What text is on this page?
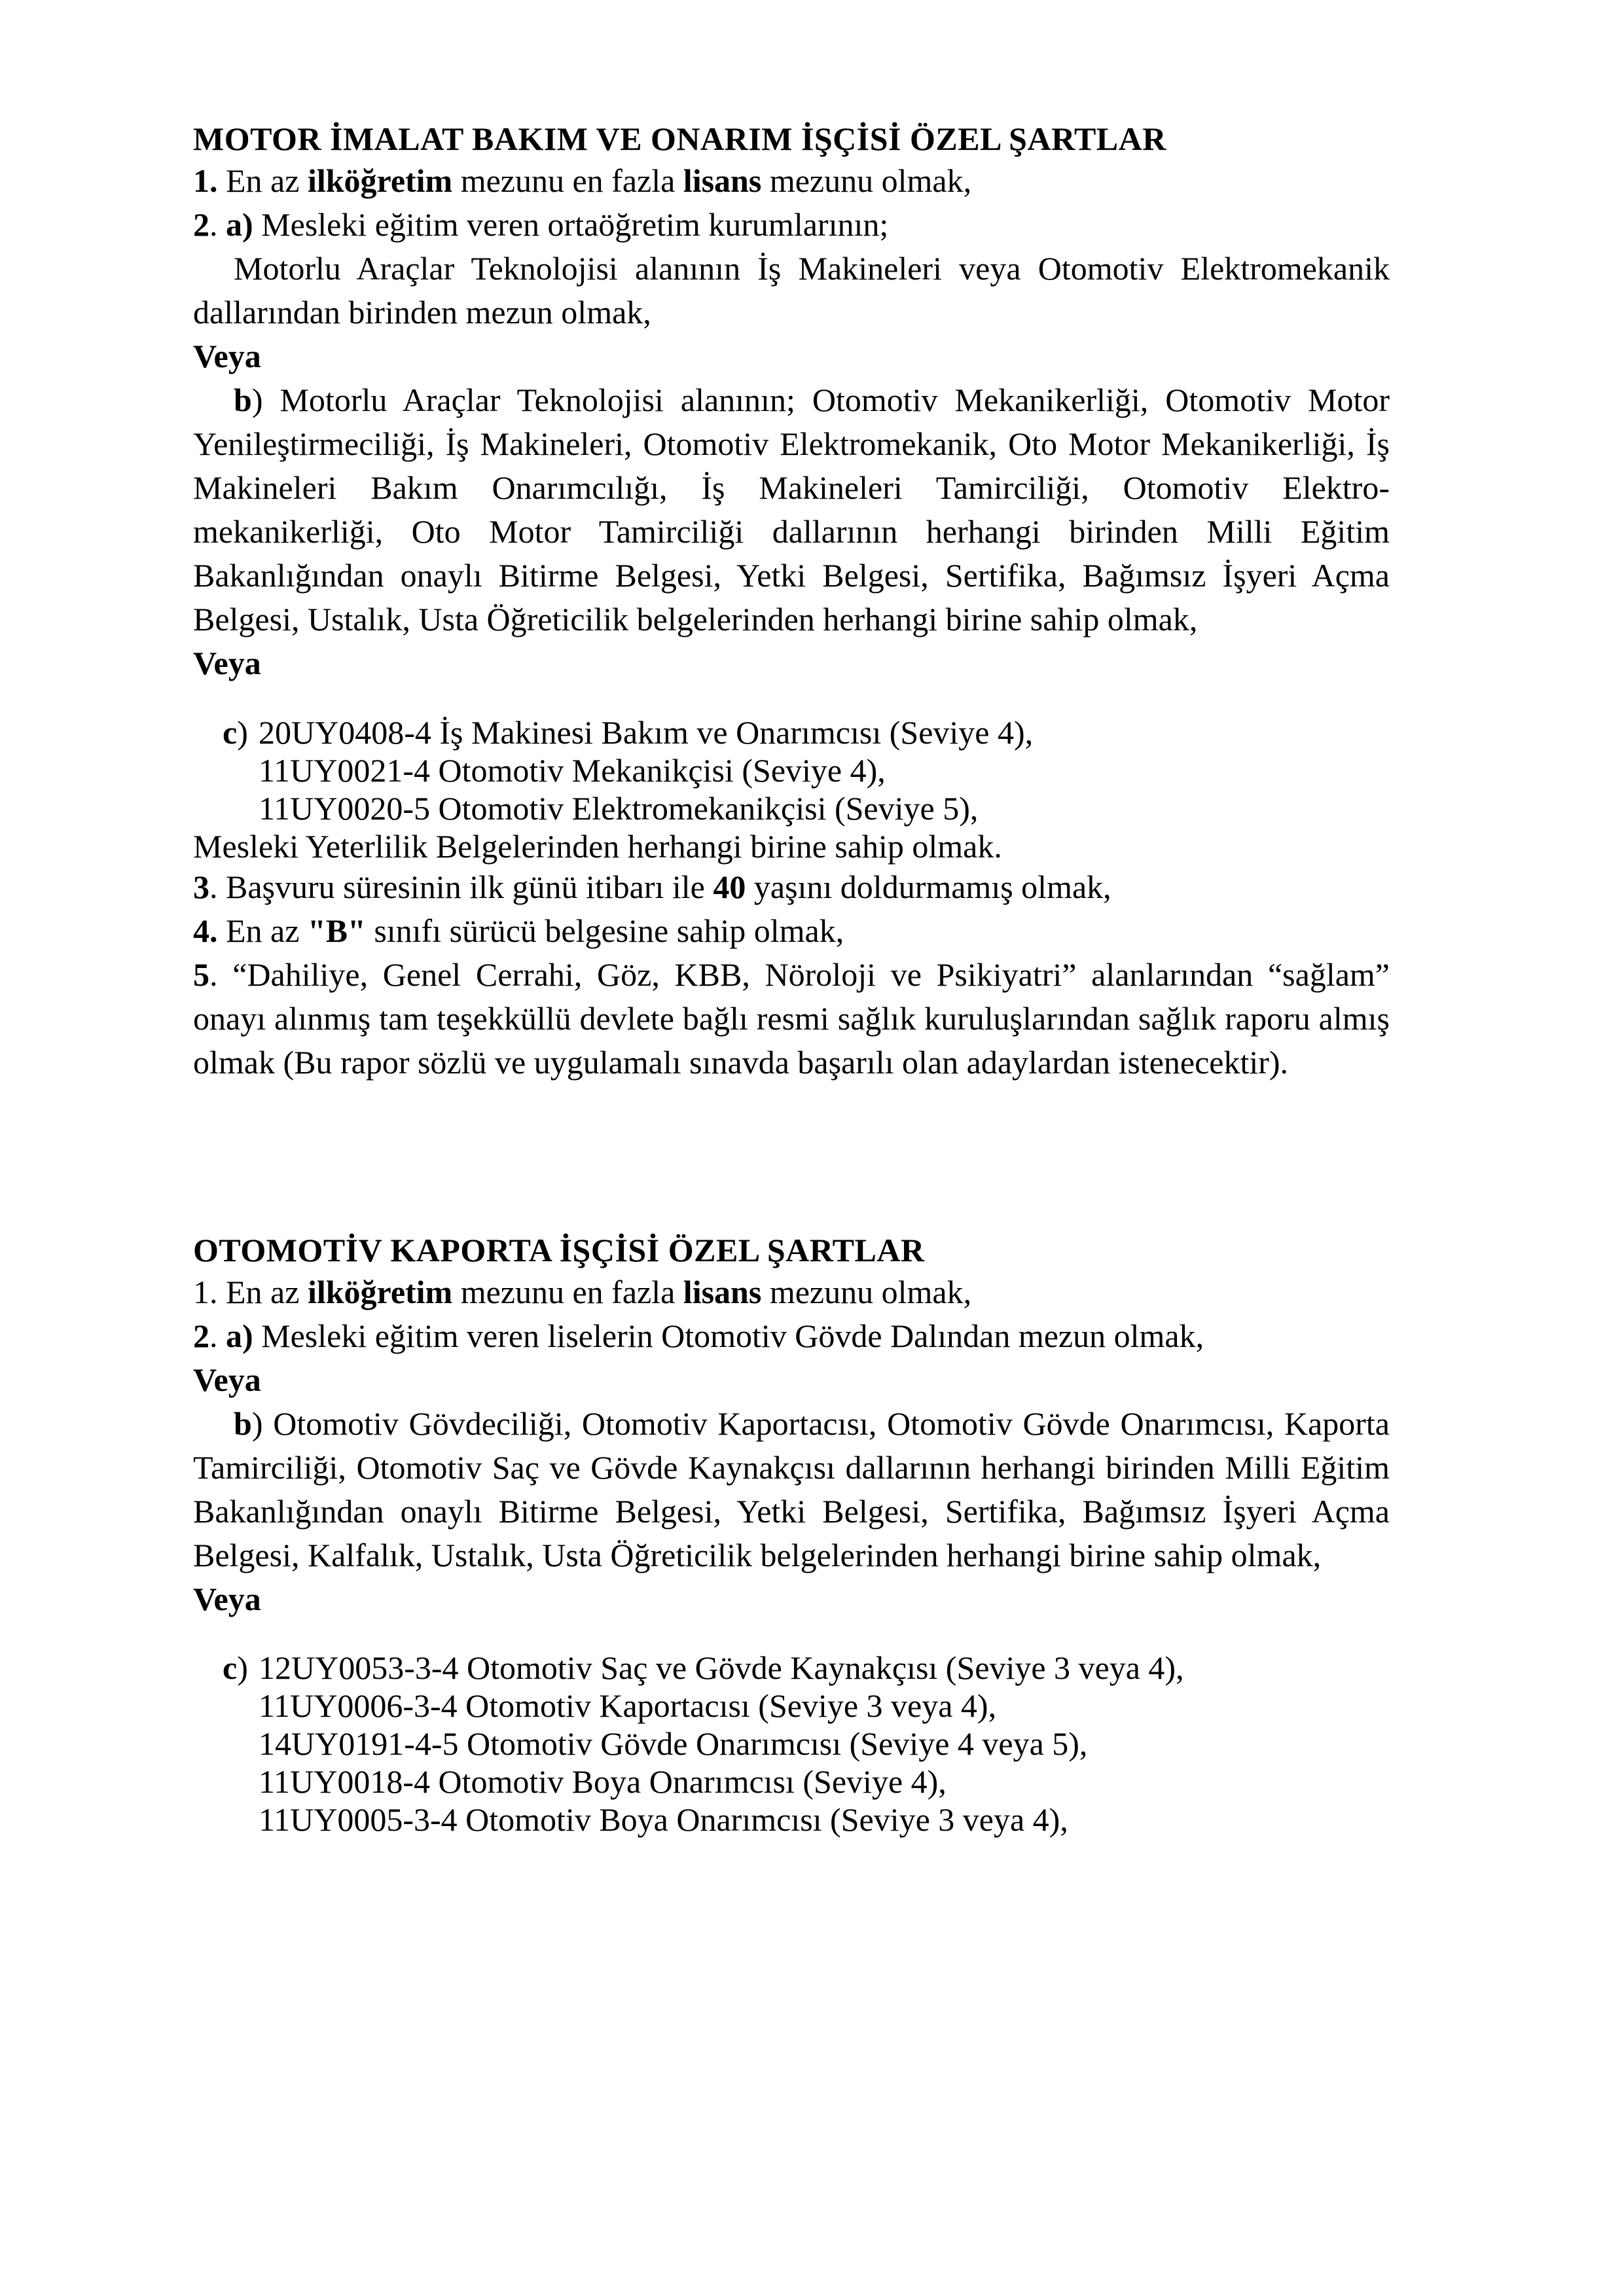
MOTOR İMALAT BAKIM VE ONARIM İŞÇİSİ ÖZEL ŞARTLAR

1. En az ilköğretim mezunu en fazla lisans mezunu olmak,

2. a) Mesleki eğitim veren ortaöğretim kurumlarının;

Motorlu Araçlar Teknolojisi alanının İş Makineleri veya Otomotiv Elektromekanik dallarından birinden mezun olmak,

Veya

b) Motorlu Araçlar Teknolojisi alanının; Otomotiv Mekanikerliği, Otomotiv Motor Yenileştirmeciliği, İş Makineleri, Otomotiv Elektromekanik, Oto Motor Mekanikerliği, İş Makineleri Bakım Onarımcılığı, İş Makineleri Tamirciliği, Otomotiv Elektro-mekanikerliği, Oto Motor Tamirciliği dallarının herhangi birinden Milli Eğitim Bakanlığından onaylı Bitirme Belgesi, Yetki Belgesi, Sertifika, Bağımsız İşyeri Açma Belgesi, Ustalık, Usta Öğreticilik belgelerinden herhangi birine sahip olmak,

Veya

c) 20UY0408-4 İş Makinesi Bakım ve Onarımcısı (Seviye 4),
11UY0021-4 Otomotiv Mekanikçisi (Seviye 4),
11UY0020-5 Otomotiv Elektromekanikçisi (Seviye 5),

Mesleki Yeterlilik Belgelerinden herhangi birine sahip olmak.

3. Başvuru süresinin ilk günü itibarı ile 40 yaşını doldurmamış olmak,

4. En az "B" sınıfı sürücü belgesine sahip olmak,

5. “Dahiliye, Genel Cerrahi, Göz, KBB, Nöroloji ve Psikiyatri” alanlarından “sağlam” onayı alınmış tam teşekküllü devlete bağlı resmi sağlık kuruluşlarından sağlık raporu almış olmak (Bu rapor sözlü ve uygulamalı sınavda başarılı olan adaylardan istenecektir).

OTOMOTİV KAPORTA İŞÇİSİ ÖZEL ŞARTLAR

1. En az ilköğretim mezunu en fazla lisans mezunu olmak,

2. a) Mesleki eğitim veren liselerin Otomotiv Gövde Dalından mezun olmak,

Veya

b) Otomotiv Gövdeciliği, Otomotiv Kaportacısı, Otomotiv Gövde Onarımcısı, Kaporta Tamirciliği, Otomotiv Saç ve Gövde Kaynakçısı dallarının herhangi birinden Milli Eğitim Bakanlığından onaylı Bitirme Belgesi, Yetki Belgesi, Sertifika, Bağımsız İşyeri Açma Belgesi, Kalfalık, Ustalık, Usta Öğreticilik belgelerinden herhangi birine sahip olmak,

Veya

c) 12UY0053-3-4 Otomotiv Saç ve Gövde Kaynakçısı (Seviye 3 veya 4),
11UY0006-3-4 Otomotiv Kaportacısı (Seviye 3 veya 4),
14UY0191-4-5 Otomotiv Gövde Onarımcısı (Seviye 4 veya 5),
11UY0018-4 Otomotiv Boya Onarımcısı (Seviye 4),
11UY0005-3-4 Otomotiv Boya Onarımcısı (Seviye 3 veya 4),
